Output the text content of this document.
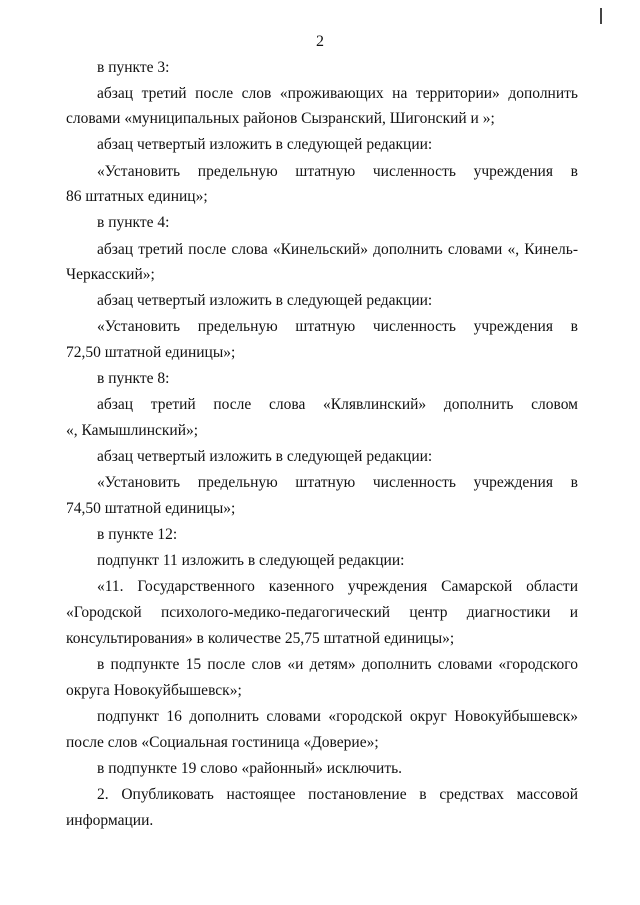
2
в пункте 3:
абзац третий после слов «проживающих на территории» дополнить
словами «муниципальных районов Сызранский, Шигонский и »;
абзац четвертый изложить в следующей редакции:
«Установить предельную штатную численность учреждения в
86 штатных единиц»;
в пункте 4:
абзац третий после слова «Кинельский» дополнить словами «, Кинель-
Черкасский»;
абзац четвертый изложить в следующей редакции:
«Установить предельную штатную численность учреждения в
72,50 штатной единицы»;
в пункте 8:
абзац третий после слова «Клявлинский» дополнить словом
«, Камышлинский»;
абзац четвертый изложить в следующей редакции:
«Установить предельную штатную численность учреждения в
74,50 штатной единицы»;
в пункте 12:
подпункт 11 изложить в следующей редакции:
«11. Государственного казенного учреждения Самарской области
«Городской психолого-медико-педагогический центр диагностики и
консультирования» в количестве 25,75 штатной единицы»;
в подпункте 15 после слов «и детям» дополнить словами «городского
округа Новокуйбышевск»;
подпункт 16 дополнить словами «городской округ Новокуйбышевск»
после слов «Социальная гостиница «Доверие»;
в подпункте 19 слово «районный» исключить.
2. Опубликовать настоящее постановление в средствах массовой
информации.
